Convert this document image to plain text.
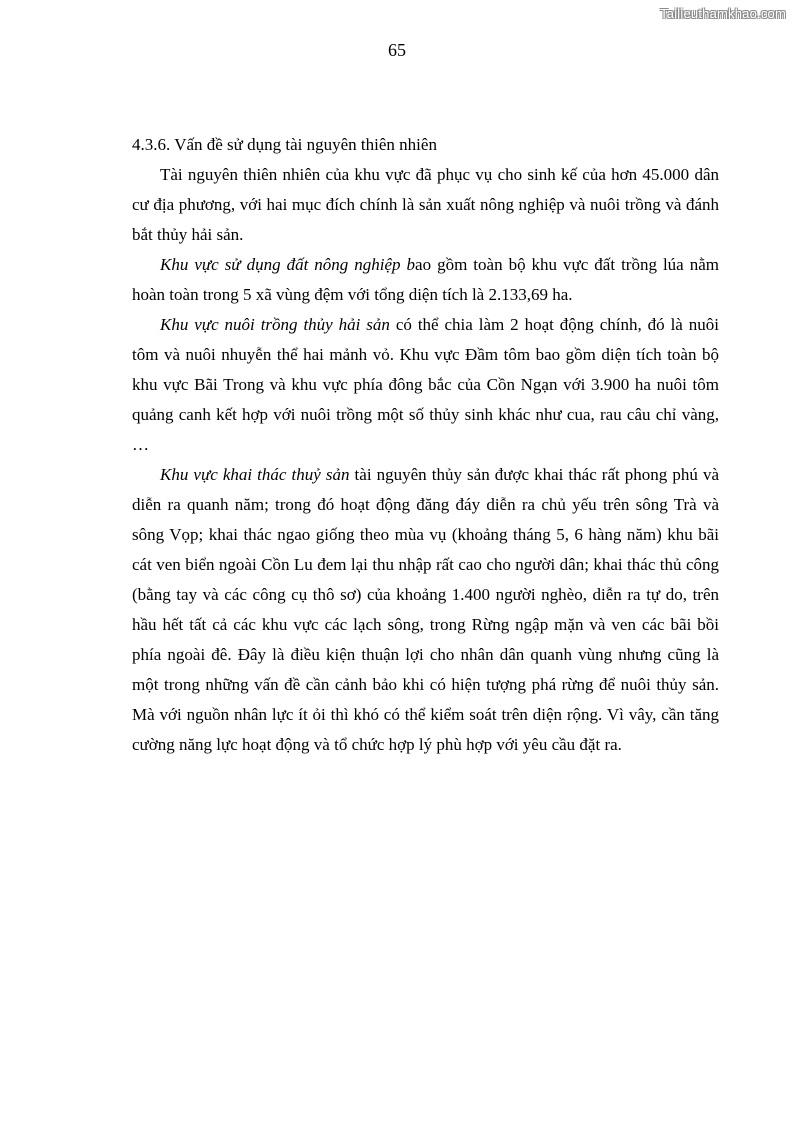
Tailieuthamkhao.com
65
4.3.6. Vấn đề sử dụng tài nguyên thiên nhiên

Tài nguyên thiên nhiên của khu vực đã phục vụ cho sinh kế của hơn 45.000 dân cư địa phương, với hai mục đích chính là sản xuất nông nghiệp và nuôi trồng và đánh bắt thủy hải sản.

Khu vực sử dụng đất nông nghiệp bao gồm toàn bộ khu vực đất trồng lúa nằm hoàn toàn trong 5 xã vùng đệm với tổng diện tích là 2.133,69 ha.

Khu vực nuôi trồng thủy hải sản có thể chia làm 2 hoạt động chính, đó là nuôi tôm và nuôi nhuyễn thể hai mảnh vỏ. Khu vực Đầm tôm bao gồm diện tích toàn bộ khu vực Bãi Trong và khu vực phía đông bắc của Cồn Ngạn với 3.900 ha nuôi tôm quảng canh kết hợp với nuôi trồng một số thủy sinh khác như cua, rau câu chỉ vàng, …

Khu vực khai thác thuỷ sản tài nguyên thủy sản được khai thác rất phong phú và diễn ra quanh năm; trong đó hoạt động đăng đáy diễn ra chủ yếu trên sông Trà và sông Vọp; khai thác ngao giống theo mùa vụ (khoảng tháng 5, 6 hàng năm) khu bãi cát ven biển ngoài Cồn Lu đem lại thu nhập rất cao cho người dân; khai thác thủ công (bằng tay và các công cụ thô sơ) của khoảng 1.400 người nghèo, diễn ra tự do, trên hầu hết tất cả các khu vực các lạch sông, trong Rừng ngập mặn và ven các bãi bồi phía ngoài đê. Đây là điều kiện thuận lợi cho nhân dân quanh vùng nhưng cũng là một trong những vấn đề cần cảnh bảo khi có hiện tượng phá rừng để nuôi thủy sản. Mà với nguồn nhân lực ít ỏi thì khó có thể kiểm soát trên diện rộng. Vì vây, cần tăng cường năng lực hoạt động và tổ chức hợp lý phù hợp với yêu cầu đặt ra.
